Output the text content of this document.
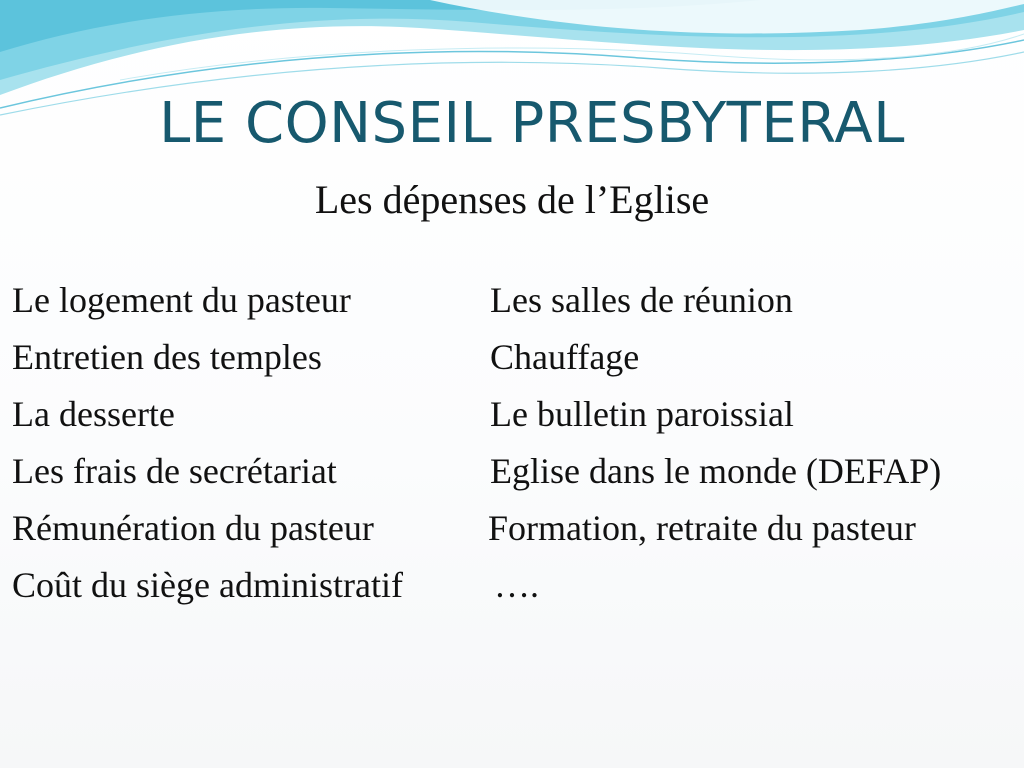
LE CONSEIL PRESBYTERAL
Les dépenses de l’Eglise
Le logement du pasteur	Les salles de réunion
Entretien des temples	Chauffage
La desserte	Le bulletin paroissial
Les frais de secrétariat	Eglise dans le monde (DEFAP)
Rémunération du pasteur	Formation, retraite du pasteur
Coût du siège administratif	….
